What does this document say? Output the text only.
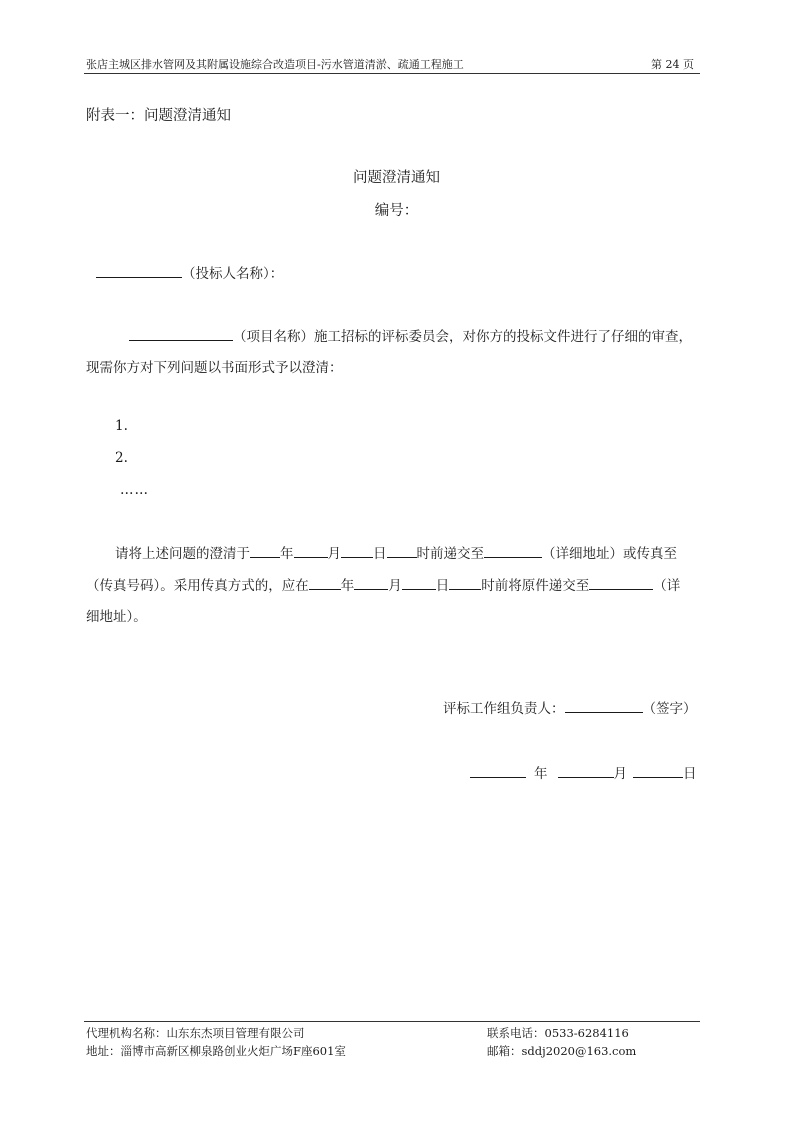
张店主城区排水管网及其附属设施综合改造项目-污水管道清淤、疏通工程施工	第 24 页
附表一：问题澄清通知
问题澄清通知
编号：
（投标人名称）：
（项目名称）施工招标的评标委员会，对你方的投标文件进行了仔细的审查，
现需你方对下列问题以书面形式予以澄清：
1.
2.
……
请将上述问题的澄清于 年	月 日 时前递交至	（详细地址）或传真至
（传真号码）。采用传真方式的，应在 年	月	日 时前将原件递交至	（详
细地址）。
评标工作组负责人：	（签字）
年	月	日
代理机构名称：山东东杰项目管理有限公司	联系电话：0533-6284116
地址：淄博市高新区柳泉路创业火炬广场F座601室	邮箱：sddj2020@163.com
